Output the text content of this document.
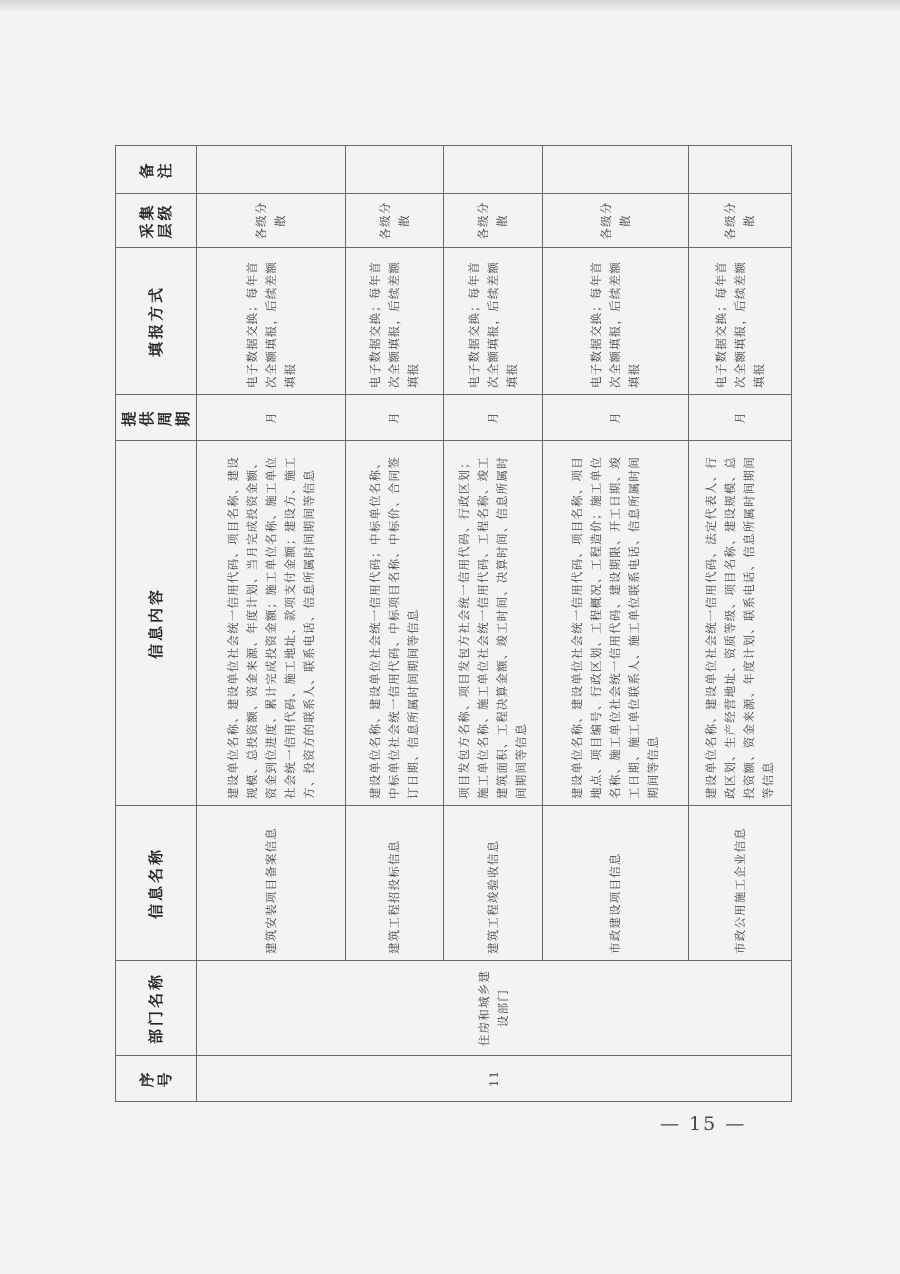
序号	部门名称	信息名称	信息内容	提供周期	填报方式	采集层级	备注
11	住房和城乡建设部门	建筑安装项目备案信息	建设单位名称、建设单位社会统一信用代码、项目名称、建设规模、总投资额、资金来源、年度计划、当月完成投资金额、资金到位进度、累计完成投资金额；施工单位名称、施工单位社会统一信用代码、施工地址、款项支付金额；建设方、施工方、投资方的联系人、联系电话、信息所属时间期间等信息	月	电子数据交换；每年首次全额填报，后续差额填报	各级分散	
		建筑工程招投标信息	建设单位名称、建设单位社会统一信用代码；中标单位名称、中标单位社会统一信用代码、中标项目名称、中标价、合同签订日期、信息所属时间期间等信息	月	电子数据交换；每年首次全额填报，后续差额填报	各级分散	
		建筑工程竣验收信息	项目发包方名称、项目发包方社会统一信用代码、行政区划；施工单位名称、施工单位社会统一信用代码、工程名称、竣工建筑面积、工程决算金额、竣工时间、决算时间、信息所属时间期间等信息	月	电子数据交换；每年首次全额填报，后续差额填报	各级分散	
		市政建设项目信息	建设单位名称、建设单位社会统一信用代码、项目名称、项目地点、项目编号、行政区划、工程概况、工程造价；施工单位名称、施工单位社会统一信用代码、建设期限、开工日期、竣工日期、施工单位联系人、施工单位联系电话、信息所属时间期间等信息	月	电子数据交换；每年首次全额填报，后续差额填报	各级分散	
		市政公用施工企业信息	建设单位名称、建设单位社会统一信用代码、法定代表人、行政区划、生产经营地址、资质等级、项目名称、建设规模、总投资额、资金来源、年度计划、联系电话、信息所属时间期间等信息	月	电子数据交换；每年首次全额填报，后续差额填报	各级分散	
— 15 —
